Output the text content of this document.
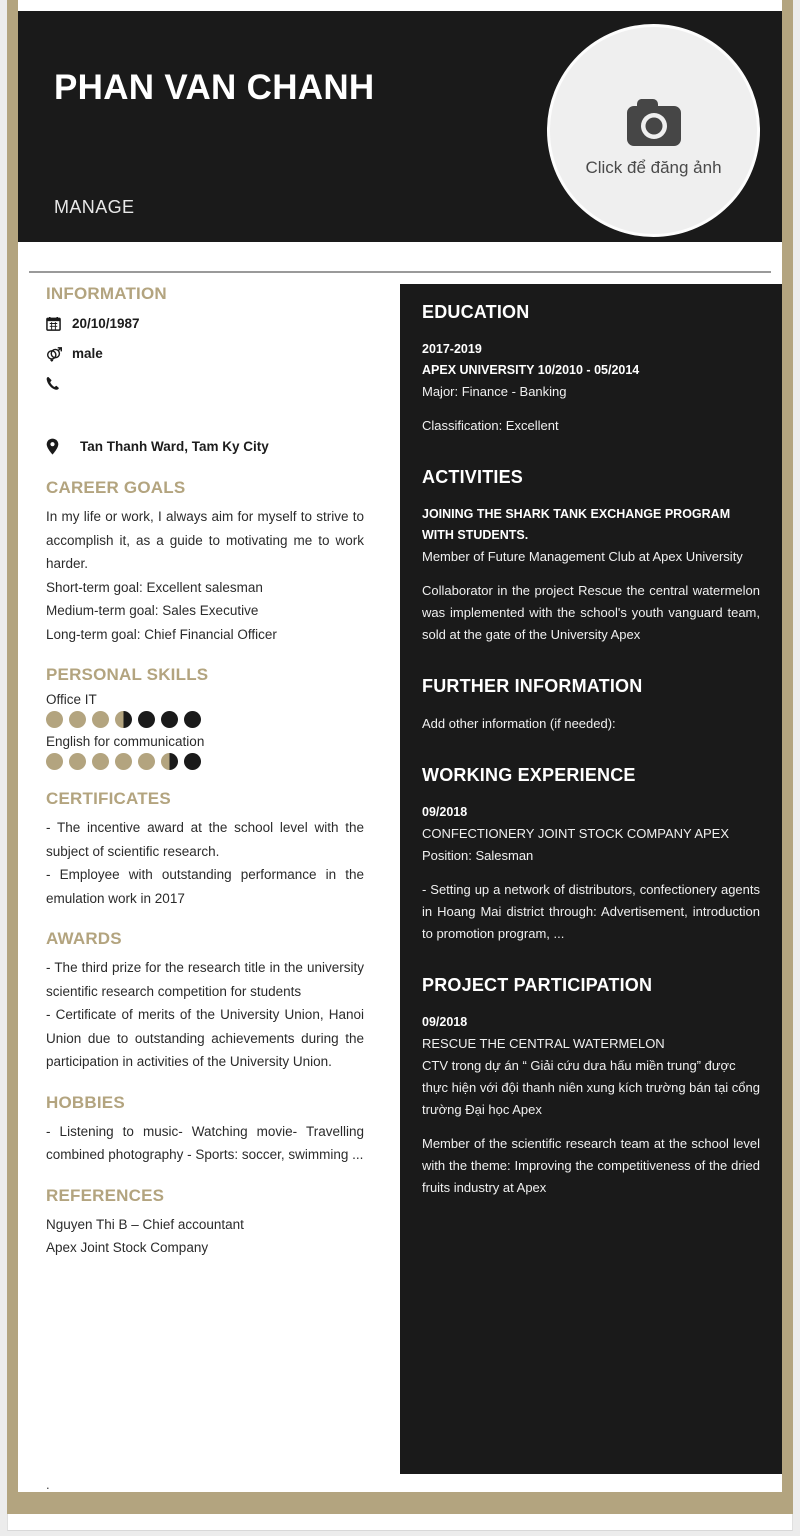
PHAN VAN CHANH
MANAGE
Click để đăng ảnh
INFORMATION
20/10/1987
male
Tan Thanh Ward, Tam Ky City
CAREER GOALS
In my life or work, I always aim for myself to strive to accomplish it, as a guide to motivating me to work harder.
Short-term goal: Excellent salesman
Medium-term goal: Sales Executive
Long-term goal: Chief Financial Officer
PERSONAL SKILLS
Office IT
English for communication
CERTIFICATES
- The incentive award at the school level with the subject of scientific research.
- Employee with outstanding performance in the emulation work in 2017
AWARDS
- The third prize for the research title in the university scientific research competition for students
- Certificate of merits of the University Union, Hanoi Union due to outstanding achievements during the participation in activities of the University Union.
HOBBIES
- Listening to music- Watching movie- Travelling combined photography - Sports: soccer, swimming ...
REFERENCES
Nguyen Thi B – Chief accountant
Apex Joint Stock Company
EDUCATION
2017-2019
APEX UNIVERSITY 10/2010 - 05/2014
Major: Finance - Banking
Classification: Excellent
ACTIVITIES
JOINING THE SHARK TANK EXCHANGE PROGRAM WITH STUDENTS.
Member of Future Management Club at Apex University
Collaborator in the project Rescue the central watermelon was implemented with the school's youth vanguard team, sold at the gate of the University Apex
FURTHER INFORMATION
Add other information (if needed):
WORKING EXPERIENCE
09/2018
CONFECTIONERY JOINT STOCK COMPANY APEX
Position: Salesman
- Setting up a network of distributors, confectionery agents in Hoang Mai district through: Advertisement, introduction to promotion program, ...
PROJECT PARTICIPATION
09/2018
RESCUE THE CENTRAL WATERMELON
CTV trong dự án “ Giải cứu dưa hấu miền trung” được thực hiện với đội thanh niên xung kích trường bán tại cổng trường Đại học Apex
Member of the scientific research team at the school level with the theme: Improving the competitiveness of the dried fruits industry at Apex
.
